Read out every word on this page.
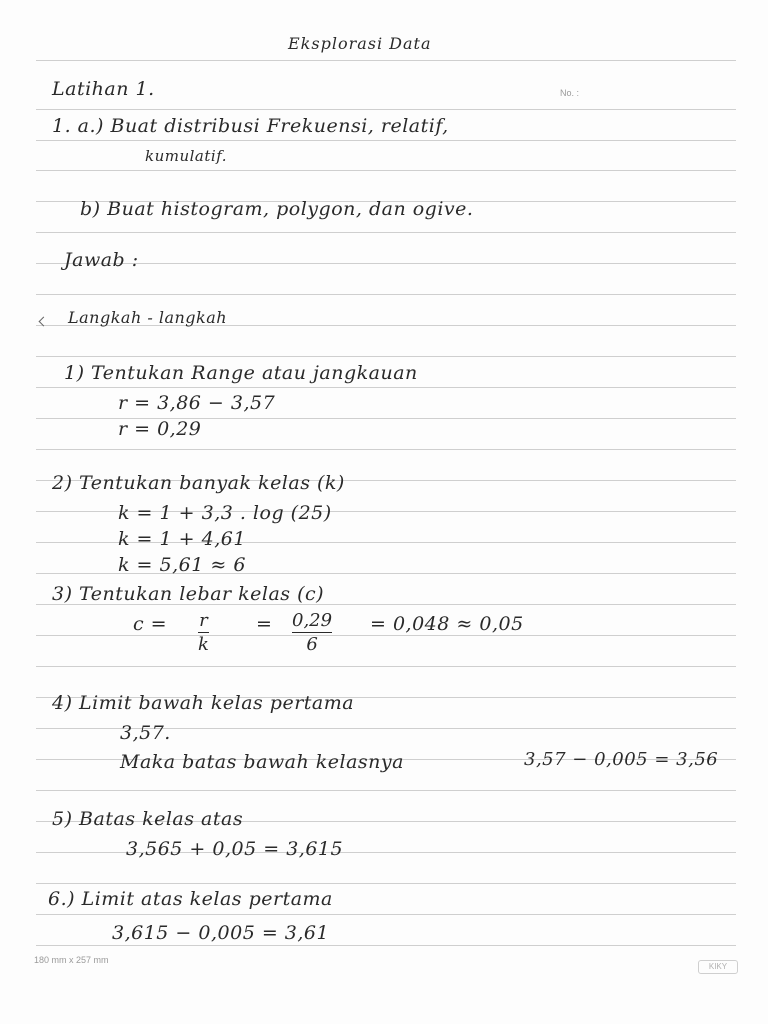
Eksplorasi Data
No. :
Latihan 1.
1. a.) Buat distribusi Frekuensi, relatif,
kumulatif.
b) Buat histogram, polygon, dan ogive.
Jawab :
Langkah - langkah
1) Tentukan Range atau jangkauan
r = 3,86 − 3,57
r = 0,29
2) Tentukan banyak kelas (k)
k = 1 + 3,3 . log (25)
k = 1 + 4,61
k = 5,61 ≈ 6
3) Tentukan lebar kelas (c)
c = r
k
= 0,29
6
= 0,048 ≈ 0,05
4) Limit bawah kelas pertama
3,57.
Maka batas bawah kelasnya	3,57 − 0,005 = 3,56
5) Batas kelas atas
3,565 + 0,05 = 3,615
6.) Limit atas kelas pertama
3,615 − 0,005 = 3,61
180 mm x 257 mm
KIKY
